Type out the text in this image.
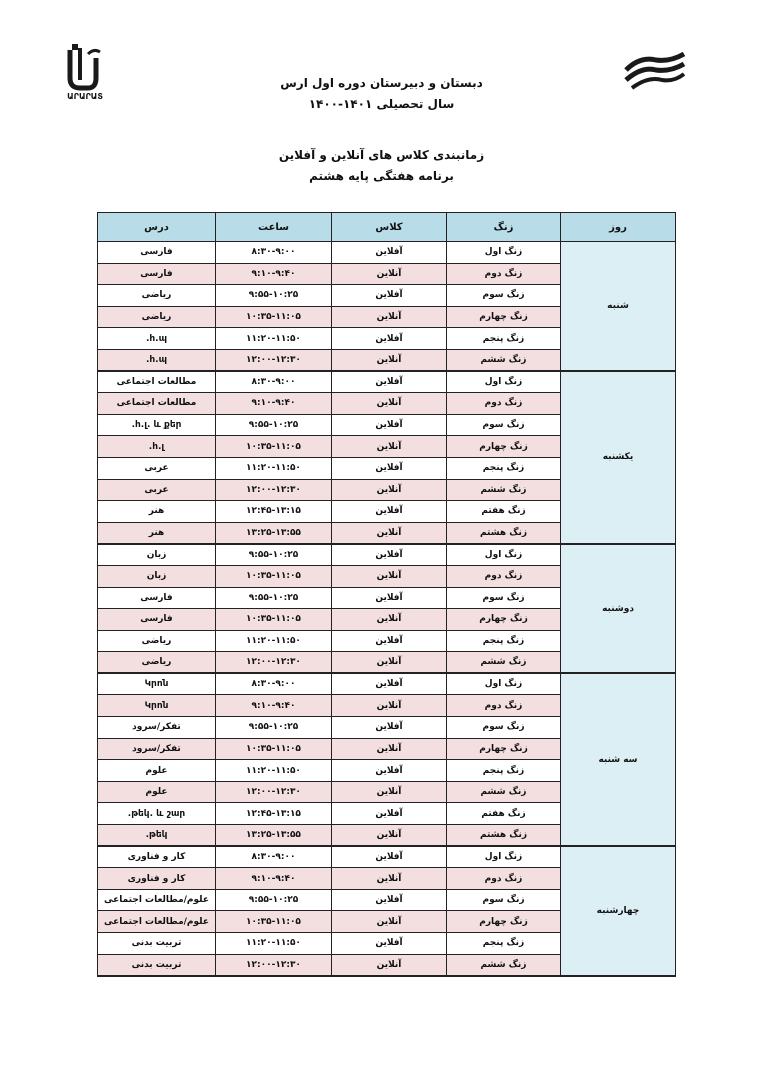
ԱՐԱՐԱՏ
دبستان و دبیرستان دوره اول ارس
سال تحصیلی ۱۴۰۱-۱۴۰۰
زمانبندی کلاس های آنلاین و آفلاین
برنامه هفتگی پایه هشتم
درس	ساعت	کلاس	زنگ	روز
فارسی	۸:۳۰-۹:۰۰	آفلاین	زنگ اول	شنبه
فارسی	۹:۱۰-۹:۴۰	آنلاین	زنگ دوم	
ریاضی	۹:۵۵-۱۰:۲۵	آفلاین	زنگ سوم	
ریاضی	۱۰:۳۵-۱۱:۰۵	آنلاین	زنگ چهارم	
հ.պ.	۱۱:۲۰-۱۱:۵۰	آفلاین	زنگ پنجم	
հ.պ.	۱۲:۰۰-۱۲:۳۰	آنلاین	زنگ ششم	
مطالعات اجتماعی	۸:۳۰-۹:۰۰	آفلاین	زنگ اول	یکشنبه
مطالعات اجتماعی	۹:۱۰-۹:۴۰	آنلاین	زنگ دوم	
հ.լ. և քեր.	۹:۵۵-۱۰:۲۵	آفلاین	زنگ سوم	
հ.լ.	۱۰:۳۵-۱۱:۰۵	آنلاین	زنگ چهارم	
عربی	۱۱:۲۰-۱۱:۵۰	آفلاین	زنگ پنجم	
عربی	۱۲:۰۰-۱۲:۳۰	آنلاین	زنگ ششم	
هنر	۱۲:۴۵-۱۳:۱۵	آفلاین	زنگ هفتم	
هنر	۱۳:۲۵-۱۳:۵۵	آنلاین	زنگ هشتم	
زبان	۹:۵۵-۱۰:۲۵	آفلاین	زنگ اول	دوشنبه
زبان	۱۰:۳۵-۱۱:۰۵	آنلاین	زنگ دوم	
فارسی	۹:۵۵-۱۰:۲۵	آفلاین	زنگ سوم	
فارسی	۱۰:۳۵-۱۱:۰۵	آنلاین	زنگ چهارم	
ریاضی	۱۱:۲۰-۱۱:۵۰	آفلاین	زنگ پنجم	
ریاضی	۱۲:۰۰-۱۲:۳۰	آنلاین	زنگ ششم	
Կրոն	۸:۳۰-۹:۰۰	آفلاین	زنگ اول	سه شنبه
Կրոն	۹:۱۰-۹:۴۰	آنلاین	زنگ دوم	
تفکر/سرود	۹:۵۵-۱۰:۲۵	آفلاین	زنگ سوم	
تفکر/سرود	۱۰:۳۵-۱۱:۰۵	آنلاین	زنگ چهارم	
علوم	۱۱:۲۰-۱۱:۵۰	آفلاین	زنگ پنجم	
علوم	۱۲:۰۰-۱۲:۳۰	آنلاین	زنگ ششم	
թեկ. և շար.	۱۲:۴۵-۱۳:۱۵	آفلاین	زنگ هفتم	
թեկ.	۱۳:۲۵-۱۳:۵۵	آنلاین	زنگ هشتم	
کار و فناوری	۸:۳۰-۹:۰۰	آفلاین	زنگ اول	چهارشنبه
کار و فناوری	۹:۱۰-۹:۴۰	آنلاین	زنگ دوم	
علوم/مطالعات اجتماعی	۹:۵۵-۱۰:۲۵	آفلاین	زنگ سوم	
علوم/مطالعات اجتماعی	۱۰:۳۵-۱۱:۰۵	آنلاین	زنگ چهارم	
تربیت بدنی	۱۱:۲۰-۱۱:۵۰	آفلاین	زنگ پنجم	
تربیت بدنی	۱۲:۰۰-۱۲:۳۰	آنلاین	زنگ ششم	
